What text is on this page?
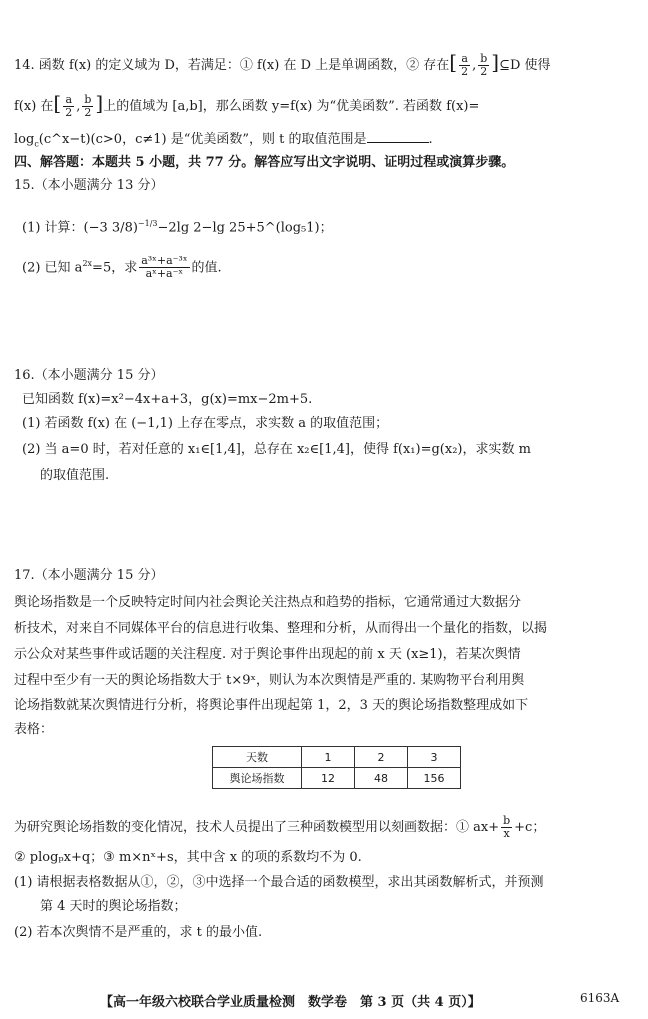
14. 函数 f(x) 的定义域为 D，若满足：① f(x) 在 D 上是单调函数，② 存在[ $\frac{a}{2}$ , $\frac{b}{2}$ ]⊆D 使得
f(x) 在[ $\frac{a}{2}$ , $\frac{b}{2}$ ]上的值域为 [a,b]，那么函数 y=f(x) 为“优美函数”. 若函数 f(x)=
$\log_c(c\^{}x-t)(c>0$，c≠1) 是“优美函数”，则 t 的取值范围是	.
四、解答题：本题共 5 小题，共 77 分。解答应写出文字说明、证明过程或演算步骤。
15.（本小题满分 13 分）
(1) 计算：(−3 3/8)$^{-1/3}$−2lg 2−lg 25+5^(log₅1)；
(2) 已知 $a^{2x}=5$，求 $\frac{\text{a³ˣ+a⁻³ˣ}}{\text{aˣ+a⁻ˣ}}$ 的值.
16.（本小题满分 15 分）
已知函数 f(x)=x²−4x+a+3，g(x)=mx−2m+5.
(1) 若函数 f(x) 在 (−1,1) 上存在零点，求实数 a 的取值范围；
(2) 当 a=0 时，若对任意的 x₁∈[1,4]，总存在 x₂∈[1,4]，使得 f(x₁)=g(x₂)，求实数 m
的取值范围.
17.（本小题满分 15 分）
舆论场指数是一个反映特定时间内社会舆论关注热点和趋势的指标，它通常通过大数据分
析技术，对来自不同媒体平台的信息进行收集、整理和分析，从而得出一个量化的指数，以揭
示公众对某些事件或话题的关注程度. 对于舆论事件出现起的前 x 天 (x≥1)，若某次舆情
过程中至少有一天的舆论场指数大于 t×9ˣ，则认为本次舆情是严重的. 某购物平台利用舆
论场指数就某次舆情进行分析，将舆论事件出现起第 1，2，3 天的舆论场指数整理成如下
表格：
天数	1	2	3
舆论场指数	12	48	156
为研究舆论场指数的变化情况，技术人员提出了三种函数模型用以刻画数据：① $ax+ \frac{b}{x} +c$；
② plogₚx+q；③ m×nˣ+s，其中含 x 的项的系数均不为 0.
(1) 请根据表格数据从①，②，③中选择一个最合适的函数模型，求出其函数解析式，并预测
第 4 天时的舆论场指数；
(2) 若本次舆情不是严重的，求 t 的最小值.
【高一年级六校联合学业质量检测　数学卷　第 3 页（共 4 页）】	6163A
